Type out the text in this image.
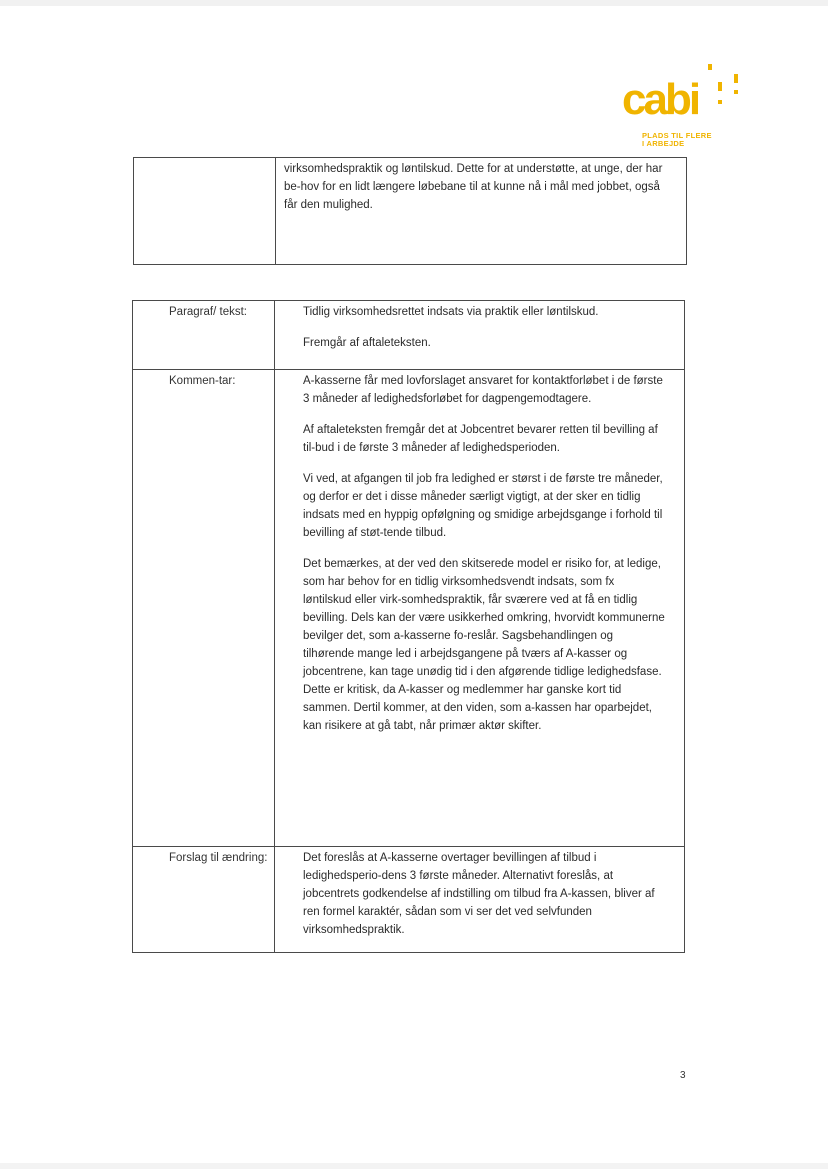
cabi
PLADS TIL FLERE
I ARBEJDE

virksomhedspraktik og løntilskud. Dette for at understøtte, at unge, der har be-hov for en lidt længere løbebane til at kunne nå i mål med jobbet, også får den mulighed.

Paragraf/ tekst:	Tidlig virksomhedsrettet indsats via praktik eller løntilskud.

Fremgår af aftaleteksten.

Kommen-tar:	A-kasserne får med lovforslaget ansvaret for kontaktforløbet i de første 3 måneder af ledighedsforløbet for dagpengemodtagere.

Af aftaleteksten fremgår det at Jobcentret bevarer retten til bevilling af til-bud i de første 3 måneder af ledighedsperioden.

Vi ved, at afgangen til job fra ledighed er størst i de første tre måneder, og derfor er det i disse måneder særligt vigtigt, at der sker en tidlig indsats med en hyppig opfølgning og smidige arbejdsgange i forhold til bevilling af støt-tende tilbud.

Det bemærkes, at der ved den skitserede model er risiko for, at ledige, som har behov for en tidlig virksomhedsvendt indsats, som fx løntilskud eller virk-somhedspraktik, får sværere ved at få en tidlig bevilling. Dels kan der være usikkerhed omkring, hvorvidt kommunerne bevilger det, som a-kasserne fo-reslår. Sagsbehandlingen og tilhørende mange led i arbejdsgangene på tværs af A-kasser og jobcentrene, kan tage unødig tid i den afgørende tidlige ledighedsfase. Dette er kritisk, da A-kasser og medlemmer har ganske kort tid sammen. Dertil kommer, at den viden, som a-kassen har oparbejdet, kan risikere at gå tabt, når primær aktør skifter.

Forslag til ændring:	Det foreslås at A-kasserne overtager bevillingen af tilbud i ledighedsperio-dens 3 første måneder. Alternativt foreslås, at jobcentrets godkendelse af indstilling om tilbud fra A-kassen, bliver af ren formel karaktér, sådan som vi ser det ved selvfunden virksomhedspraktik.

3
